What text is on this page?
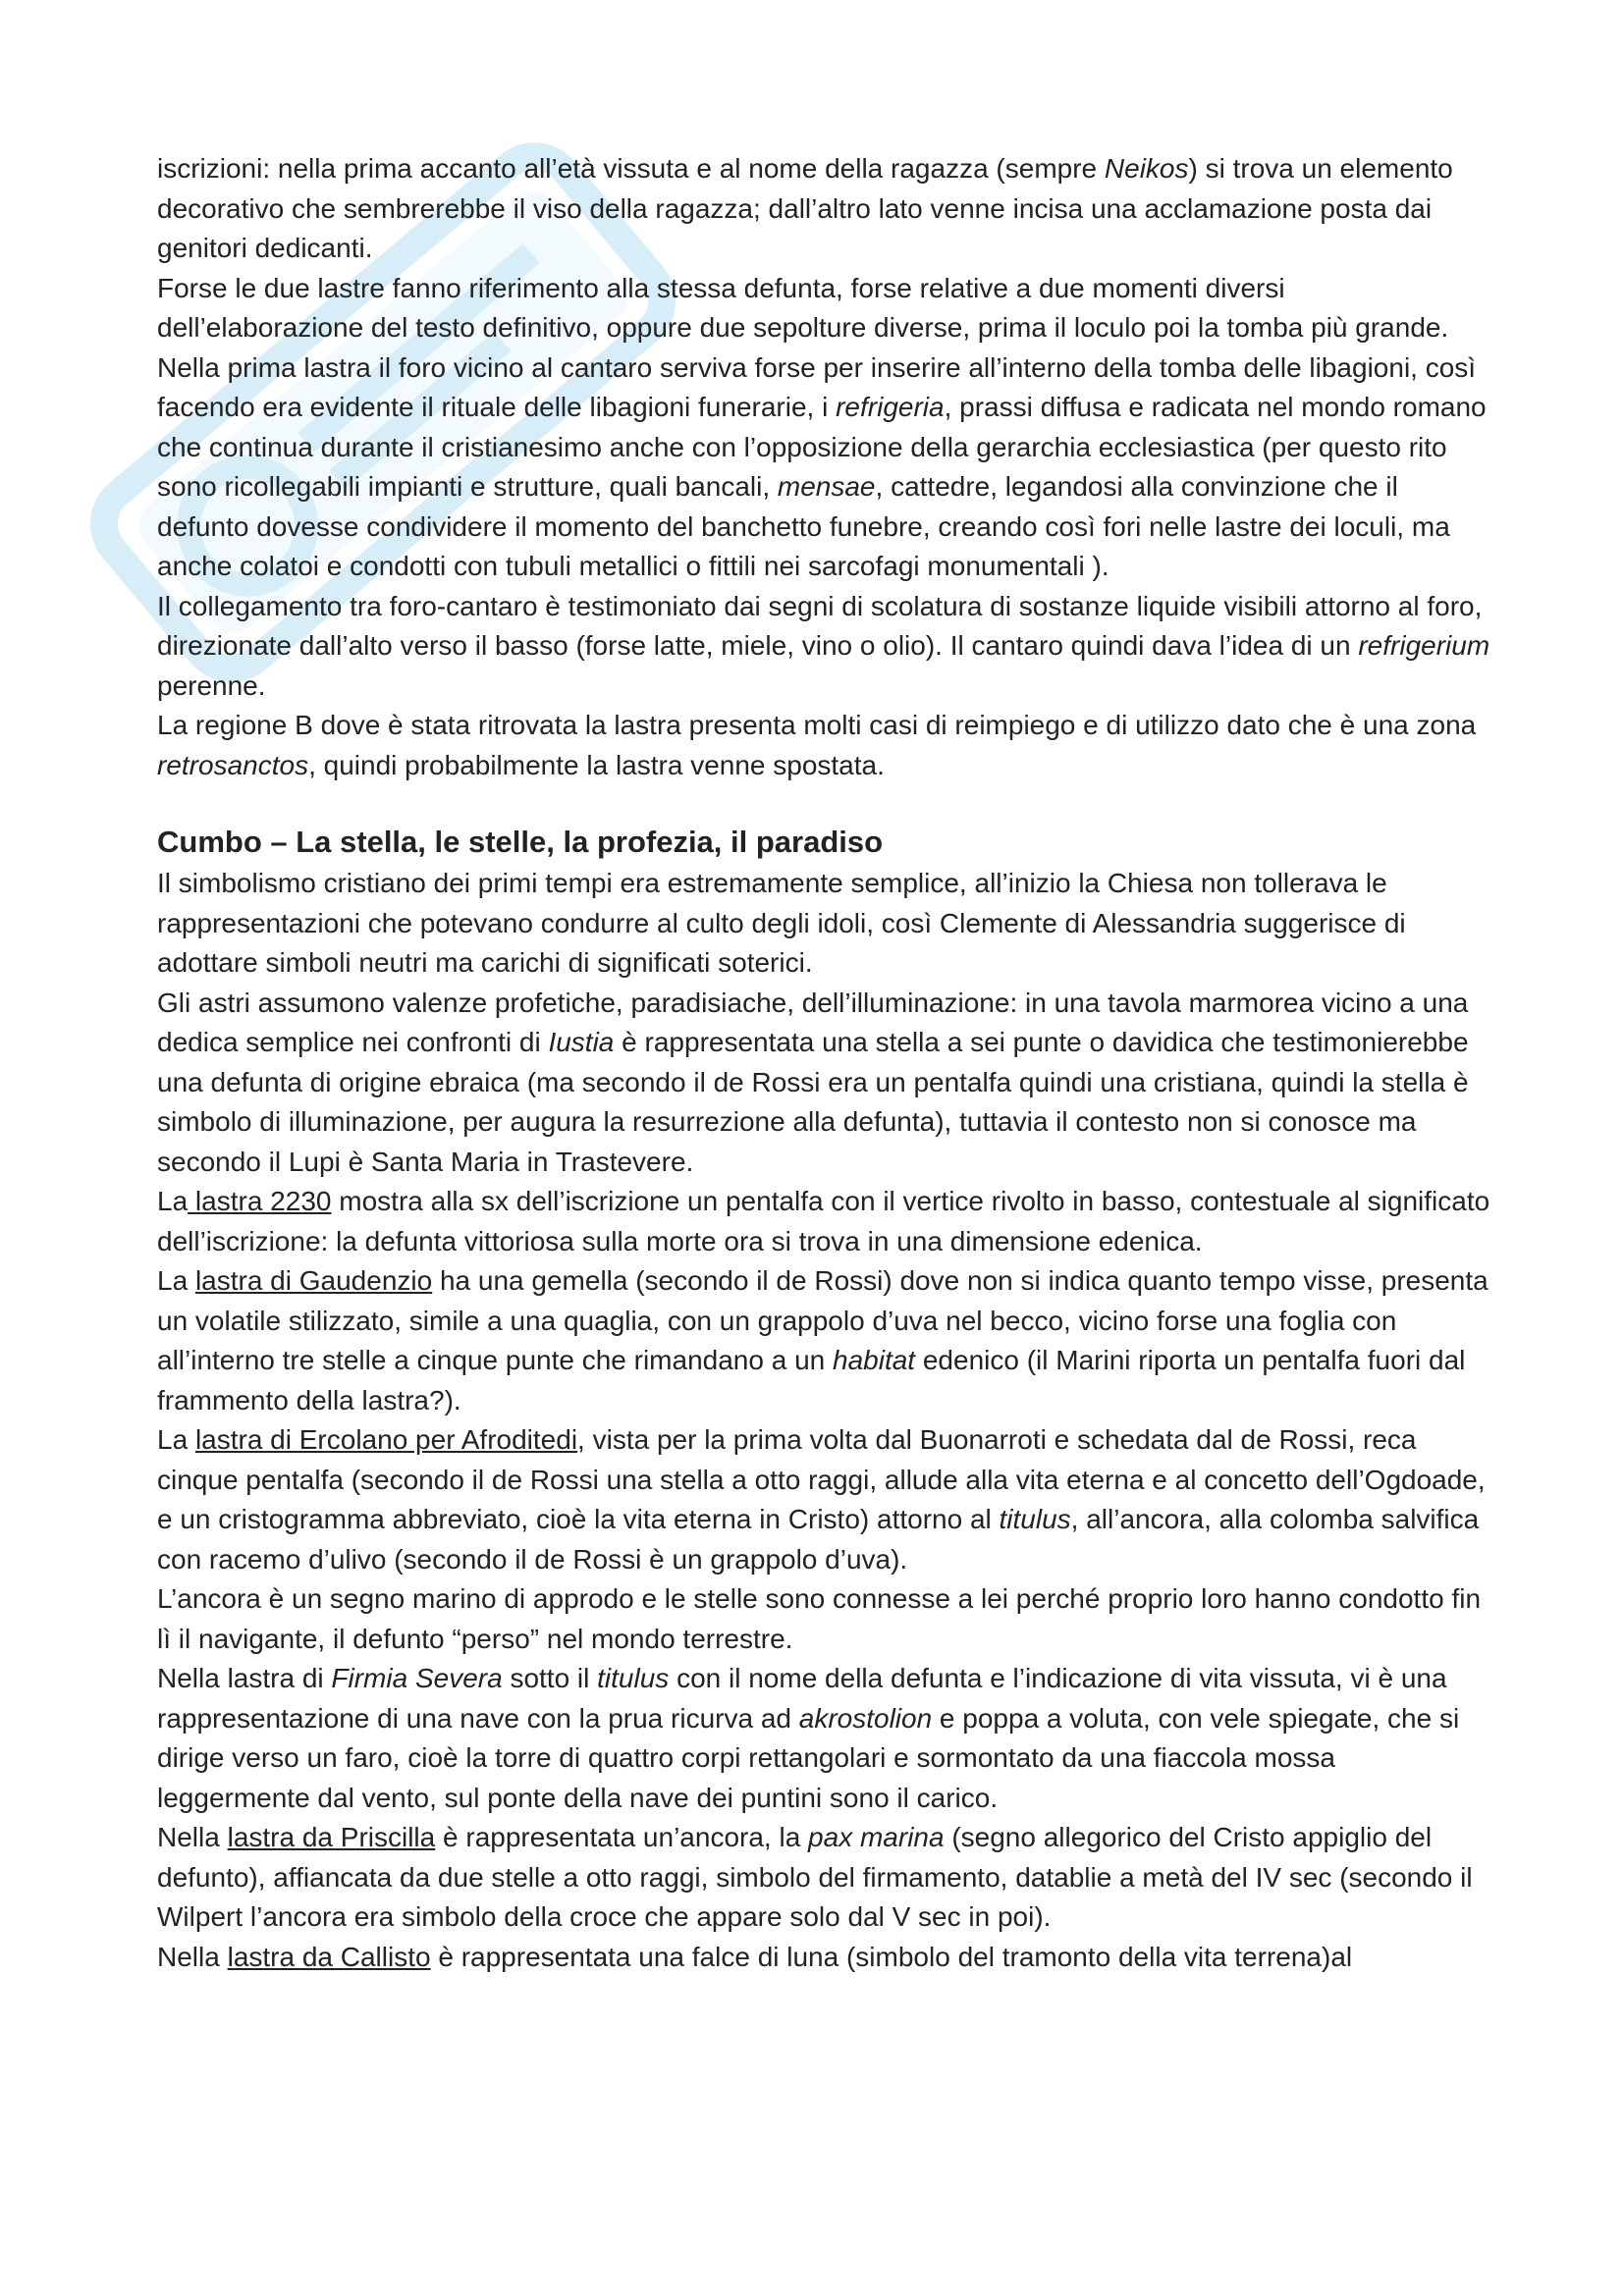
iscrizioni: nella prima accanto all’età vissuta e al nome della ragazza (sempre Neikos) si trova un elemento decorativo che sembrerebbe il viso della ragazza; dall’altro lato venne incisa una acclamazione posta dai genitori dedicanti.

Forse le due lastre fanno riferimento alla stessa defunta, forse relative a due momenti diversi dell’elaborazione del testo definitivo, oppure due sepolture diverse, prima il loculo poi la tomba più grande.

Nella prima lastra il foro vicino al cantaro serviva forse per inserire all’interno della tomba delle libagioni, così facendo era evidente il rituale delle libagioni funerarie, i refrigeria, prassi diffusa e radicata nel mondo romano che continua durante il cristianesimo anche con l’opposizione della gerarchia ecclesiastica (per questo rito sono ricollegabili impianti e strutture, quali bancali, mensae, cattedre, legandosi alla convinzione che il defunto dovesse condividere il momento del banchetto funebre, creando così fori nelle lastre dei loculi, ma anche colatoi e condotti con tubuli metallici o fittili nei sarcofagi monumentali ).

Il collegamento tra foro-cantaro è testimoniato dai segni di scolatura di sostanze liquide visibili attorno al foro, direzionate dall’alto verso il basso (forse latte, miele, vino o olio). Il cantaro quindi dava l’idea di un refrigerium perenne.

La regione B dove è stata ritrovata la lastra presenta molti casi di reimpiego e di utilizzo dato che è una zona retrosanctos, quindi probabilmente la lastra venne spostata.

Cumbo – La stella, le stelle, la profezia, il paradiso

Il simbolismo cristiano dei primi tempi era estremamente semplice, all’inizio la Chiesa non tollerava le rappresentazioni che potevano condurre al culto degli idoli, così Clemente di Alessandria suggerisce di adottare simboli neutri ma carichi di significati soterici.

Gli astri assumono valenze profetiche, paradisiache, dell’illuminazione: in una tavola marmorea vicino a una dedica semplice nei confronti di Iustia è rappresentata una stella a sei punte o davidica che testimonierebbe una defunta di origine ebraica (ma secondo il de Rossi era un pentalfa quindi una cristiana, quindi la stella è simbolo di illuminazione, per augura la resurrezione alla defunta), tuttavia il contesto non si conosce ma secondo il Lupi è Santa Maria in Trastevere.

La lastra 2230 mostra alla sx dell’iscrizione un pentalfa con il vertice rivolto in basso, contestuale al significato dell’iscrizione: la defunta vittoriosa sulla morte ora si trova in una dimensione edenica.

La lastra di Gaudenzio ha una gemella (secondo il de Rossi) dove non si indica quanto tempo visse, presenta un volatile stilizzato, simile a una quaglia, con un grappolo d’uva nel becco, vicino forse una foglia con all’interno tre stelle a cinque punte che rimandano a un habitat edenico (il Marini riporta un pentalfa fuori dal frammento della lastra?).

La lastra di Ercolano per Afroditedi, vista per la prima volta dal Buonarroti e schedata dal de Rossi, reca cinque pentalfa (secondo il de Rossi una stella a otto raggi, allude alla vita eterna e al concetto dell’Ogdoade, e un cristogramma abbreviato, cioè la vita eterna in Cristo) attorno al titulus, all’ancora, alla colomba salvifica con racemo d’ulivo (secondo il de Rossi è un grappolo d’uva).

L’ancora è un segno marino di approdo e le stelle sono connesse a lei perché proprio loro hanno condotto fin lì il navigante, il defunto “perso” nel mondo terrestre.

Nella lastra di Firmia Severa sotto il titulus con il nome della defunta e l’indicazione di vita vissuta, vi è una rappresentazione di una nave con la prua ricurva ad akrostolion e poppa a voluta, con vele spiegate, che si dirige verso un faro, cioè la torre di quattro corpi rettangolari e sormontato da una fiaccola mossa leggermente dal vento, sul ponte della nave dei puntini sono il carico.

Nella lastra da Priscilla è rappresentata un’ancora, la pax marina (segno allegorico del Cristo appiglio del defunto), affiancata da due stelle a otto raggi, simbolo del firmamento, datablie a metà del IV sec (secondo il Wilpert l’ancora era simbolo della croce che appare solo dal V sec in poi).

Nella lastra da Callisto è rappresentata una falce di luna (simbolo del tramonto della vita terrena)al
